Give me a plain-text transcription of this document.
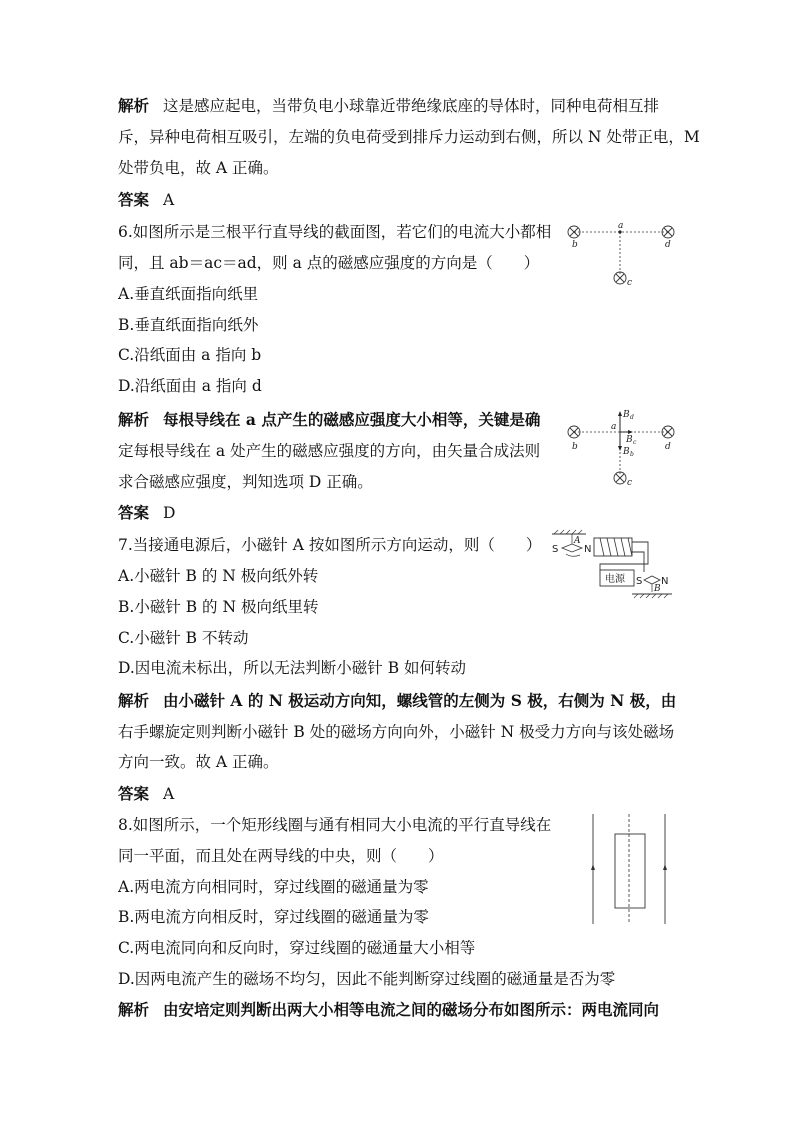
解析 这是感应起电，当带负电小球靠近带绝缘底座的导体时，同种电荷相互排
斥，异种电荷相互吸引，左端的负电荷受到排斥力运动到右侧，所以 N 处带正电，M
处带负电，故 A 正确。
答案 A
6.如图所示是三根平行直导线的截面图，若它们的电流大小都相
同，且 ab＝ac＝ad，则 a 点的磁感应强度的方向是（　　）
A.垂直纸面指向纸里
B.垂直纸面指向纸外
C.沿纸面由 a 指向 b
D.沿纸面由 a 指向 d
a
b	d
c
解析 每根导线在 a 点产生的磁感应强度大小相等，关键是确
定每根导线在 a 处产生的磁感应强度的方向，由矢量合成法则
求合磁感应强度，判知选项 D 正确。
答案 D
a
b	d
c
B d
B c
B b
7.当接通电源后，小磁针 A 按如图所示方向运动，则（　　）
A.小磁针 B 的 N 极向纸外转
B.小磁针 B 的 N 极向纸里转
C.小磁针 B 不转动
D.因电流未标出，所以无法判断小磁针 B 如何转动
S
A
N
电源 S N
B
解析 由小磁针 A 的 N 极运动方向知，螺线管的左侧为 S 极，右侧为 N 极，由
右手螺旋定则判断小磁针 B 处的磁场方向向外，小磁针 N 极受力方向与该处磁场
方向一致。故 A 正确。
答案 A
8.如图所示，一个矩形线圈与通有相同大小电流的平行直导线在
同一平面，而且处在两导线的中央，则（　　）
A.两电流方向相同时，穿过线圈的磁通量为零
B.两电流方向相反时，穿过线圈的磁通量为零
C.两电流同向和反向时，穿过线圈的磁通量大小相等
D.因两电流产生的磁场不均匀，因此不能判断穿过线圈的磁通量是否为零
解析 由安培定则判断出两大小相等电流之间的磁场分布如图所示：两电流同向
